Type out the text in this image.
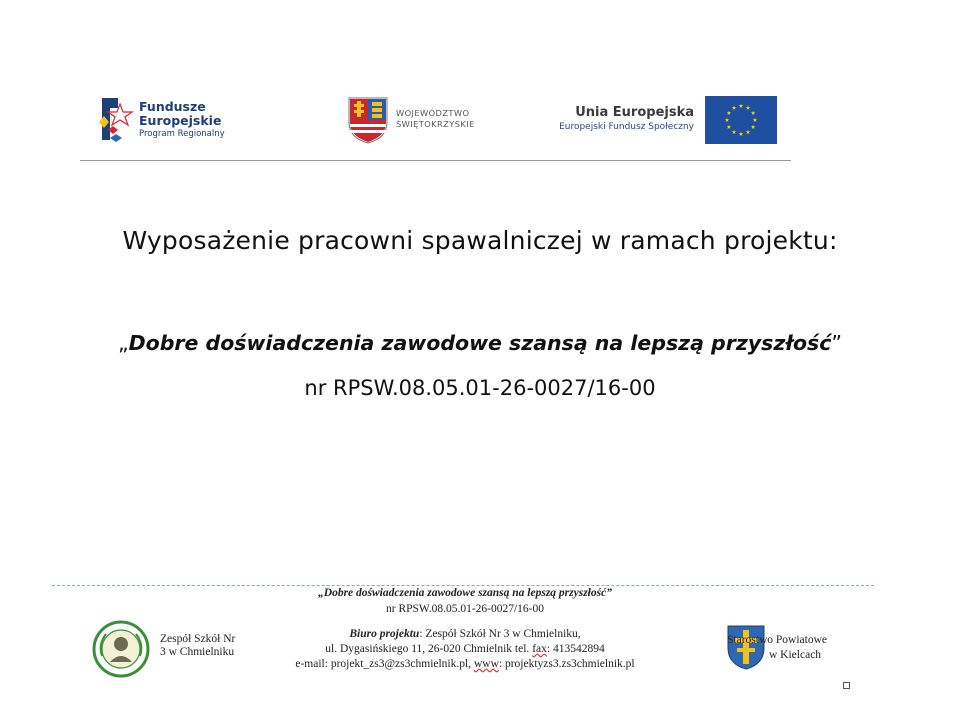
Fundusze
Europejskie
Program Regionalny
WOJEWÓDZTWO
ŚWIĘTOKRZYSKIE
Unia Europejska
Europejski Fundusz Społeczny
Wyposażenie pracowni spawalniczej w ramach projektu:
„Dobre doświadczenia zawodowe szansą na lepszą przyszłość”
nr RPSW.08.05.01-26-0027/16-00
„Dobre doświadczenia zawodowe szansą na lepszą przyszłość”
nr RPSW.08.05.01-26-0027/16-00
Biuro projektu: Zespół Szkół Nr 3 w Chmielniku,
ul. Dygasińskiego 11, 26-020 Chmielnik tel. fax: 413542894
e-mail: projekt_zs3@zs3chmielnik.pl, www: projektyzs3.zs3chmielnik.pl
Zespół Szkół Nr
3 w Chmielniku
Starostwo Powiatowe
w Kielcach
